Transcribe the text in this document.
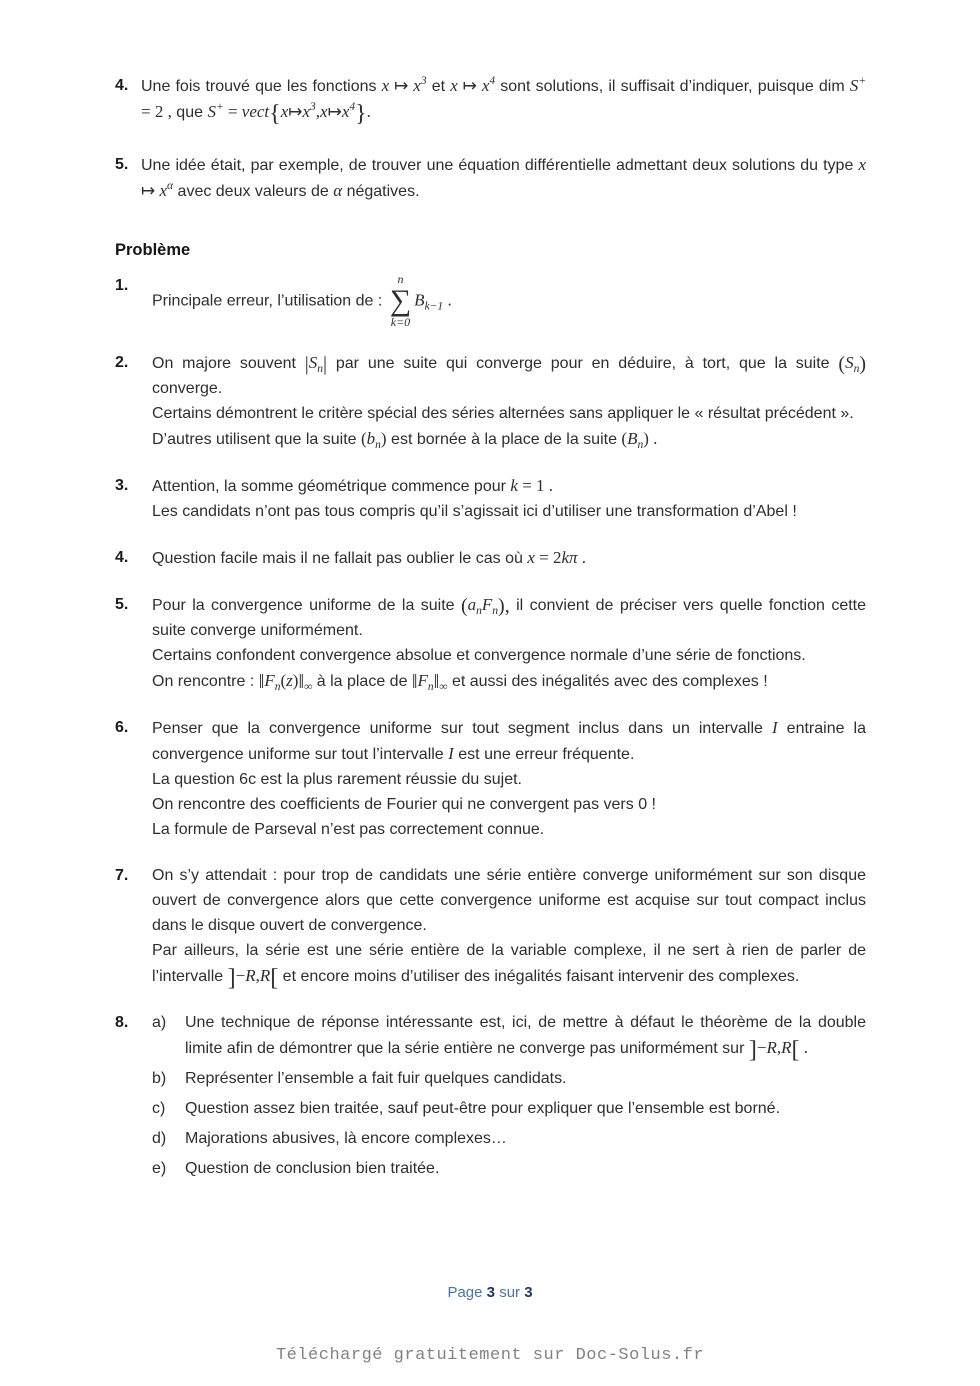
4. Une fois trouvé que les fonctions x ↦ $x^3$ et x ↦ $x^4$ sont solutions, il suffisait d’indiquer, puisque dim S+ = 2 , que $S^+ = vect\{x↦x^3,x↦x^4\}$.
5. Une idée était, par exemple, de trouver une équation différentielle admettant deux solutions du type x ↦ $x^\alpha$ avec deux valeurs de α négatives.
Problème
1.
Principale erreur, l’utilisation de :
n
∑
k=0
$B_{k-1}$ .
2.	On majore souvent $|S_n|$ par une suite qui converge pour en déduire, à tort, que la suite $(S_n)$ converge.
Certains démontrent le critère spécial des séries alternées sans appliquer le « résultat précédent ».
D’autres utilisent que la suite $(b_n)$ est bornée à la place de la suite $(B_n)$ .
3.	Attention, la somme géométrique commence pour k = 1 .
Les candidats n’ont pas tous compris qu’il s’agissait ici d’utiliser une transformation d’Abel !
4.	Question facile mais il ne fallait pas oublier le cas où x = 2kπ .
5.	Pour la convergence uniforme de la suite $(a_nF_n)$, il convient de préciser vers quelle fonction cette suite converge uniformément.
Certains confondent convergence absolue et convergence normale d’une série de fonctions.
On rencontre : $‖F_n(z)‖_\infty$ à la place de $‖F_n‖_\infty$ et aussi des inégalités avec des complexes !
6.	Penser que la convergence uniforme sur tout segment inclus dans un intervalle I entraine la convergence uniforme sur tout l’intervalle I est une erreur fréquente.
La question 6c est la plus rarement réussie du sujet.
On rencontre des coefficients de Fourier qui ne convergent pas vers 0 !
La formule de Parseval n’est pas correctement connue.
7.	On s’y attendait : pour trop de candidats une série entière converge uniformément sur son disque ouvert de convergence alors que cette convergence uniforme est acquise sur tout compact inclus dans le disque ouvert de convergence.
Par ailleurs, la série est une série entière de la variable complexe, il ne sert à rien de parler de l’intervalle ]−R,R[ et encore moins d’utiliser des inégalités faisant intervenir des complexes.
8.	a)	Une technique de réponse intéressante est, ici, de mettre à défaut le théorème de la double limite afin de démontrer que la série entière ne converge pas uniformément sur ]−R,R[ .
b)	Représenter l’ensemble a fait fuir quelques candidats.
c)	Question assez bien traitée, sauf peut-être pour expliquer que l’ensemble est borné.
d)	Majorations abusives, là encore complexes…
e)	Question de conclusion bien traitée.
Page 3 sur 3
Téléchargé gratuitement sur Doc-Solus.fr
